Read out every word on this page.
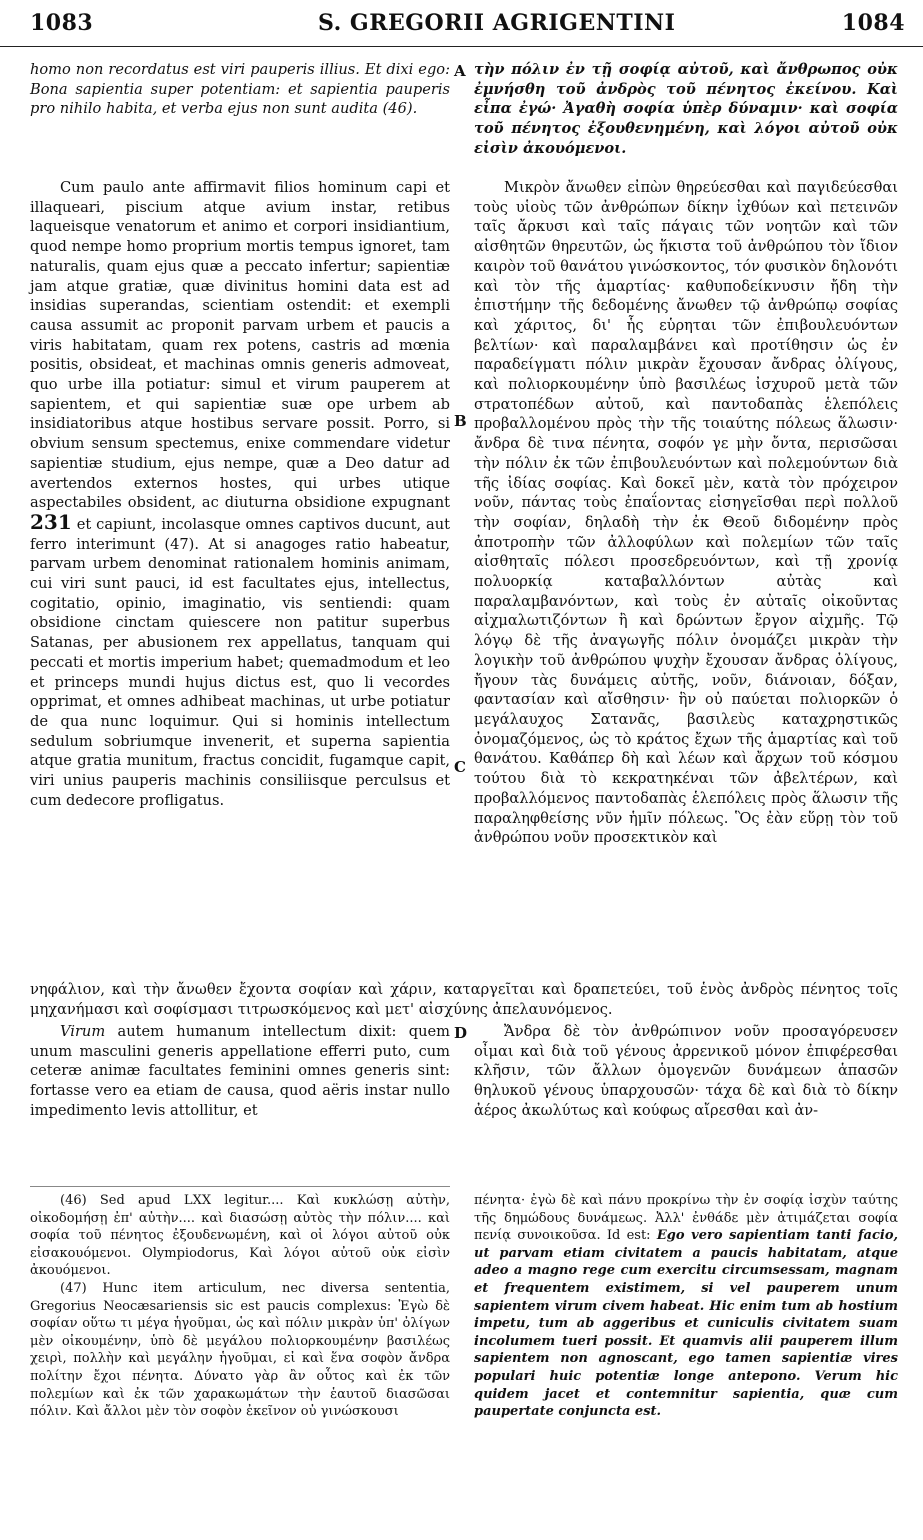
1083	S. GREGORII AGRIGENTINI	1084

homo non recordatus est viri pauperis illius. Et dixi ego: Bona sapientia super potentiam: et sapientia pauperis pro nihilo habita, et verba ejus non sunt audita (46).

A τὴν πόλιν ἐν τῇ σοφίᾳ αὐτοῦ, καὶ ἄνθρωπος οὐκ ἐμνήσθη τοῦ ἀνδρὸς τοῦ πένητος ἐκείνου. Καὶ εἶπα ἐγώ· Ἀγαθὴ σοφία ὑπὲρ δύναμιν· καὶ σοφία τοῦ πένητος ἐξουθενημένη, καὶ λόγοι αὐτοῦ οὐκ εἰσὶν ἀκουόμενοι.

Cum paulo ante affirmavit filios hominum capi et illaqueari, piscium atque avium instar, retibus laqueisque venatorum et animo et corpori insidiantium, quod nempe homo proprium mortis tempus ignoret, tam naturalis, quam ejus quæ a peccato infertur; sapientiæ jam atque gratiæ, quæ divinitus homini data est ad insidias superandas, scientiam ostendit: et exempli causa assumit ac proponit parvam urbem et paucis a viris habitatam, quam rex potens, castris ad mœnia positis, obsideat, et machinas omnis generis admoveat, quo urbe illa potiatur: simul et virum pauperem at sapientem, et qui sapientiæ suæ ope urbem ab insidiatoribus atque hostibus servare possit. Porro, si obvium sensum spectemus, enixe commendare videtur sapientiæ studium, ejus nempe, quæ a Deo datur ad avertendos externos hostes, qui urbes utique aspectabiles obsident, ac diuturna obsidione expugnant 231 et capiunt, incolasque omnes captivos ducunt, aut ferro interimunt (47). At si anagoges ratio habeatur, parvam urbem denominat rationalem hominis animam, cui viri sunt pauci, id est facultates ejus, intellectus, cogitatio, opinio, imaginatio, vis sentiendi: quam obsidione cinctam quiescere non patitur superbus Satanas, per abusionem rex appellatus, tanquam qui peccati et mortis imperium habet; quemadmodum et leo et princeps mundi hujus dictus est, quo li vecordes opprimat, et omnes adhibeat machinas, ut urbe potiatur de qua nunc loquimur. Qui si hominis intellectum sedulum sobriumque invenerit, et superna sapientia atque gratia munitum, fractus concidit, fugamque capit, viri unius pauperis machinis consiliisque perculsus et cum dedecore profligatus.
B
C

Μικρὸν ἄνωθεν εἰπὼν θηρεύεσθαι καὶ παγιδεύεσθαι τοὺς υἱοὺς τῶν ἀνθρώπων δίκην ἰχθύων καὶ πετεινῶν ταῖς ἄρκυσι καὶ ταῖς πάγαις τῶν νοητῶν καὶ τῶν αἰσθητῶν θηρευτῶν, ὡς ἥκιστα τοῦ ἀνθρώπου τὸν ἴδιον καιρὸν τοῦ θανάτου γινώσκοντος, τόν φυσικὸν δηλονότι καὶ τὸν τῆς ἁμαρτίας· καθυποδείκνυσιν ἤδη τὴν ἐπιστήμην τῆς δεδομένης ἄνωθεν τῷ ἀνθρώπῳ σοφίας καὶ χάριτος, δι' ἧς εὑρηται τῶν ἐπιβουλευόντων βελτίων· καὶ παραλαμβάνει καὶ προτίθησιν ὡς ἐν παραδείγματι πόλιν μικρὰν ἔχουσαν ἄνδρας ὀλίγους, καὶ πολιορκουμένην ὑπὸ βασιλέως ἰσχυροῦ μετὰ τῶν στρατοπέδων αὐτοῦ, καὶ παντοδαπὰς ἑλεπόλεις προβαλλομένου πρὸς τὴν τῆς τοιαύτης πόλεως ἅλωσιν· ἄνδρα δὲ τινα πένητα, σοφόν γε μὴν ὄντα, περισῶσαι τὴν πόλιν ἐκ τῶν ἐπιβουλευόντων καὶ πολεμούντων διὰ τῆς ἰδίας σοφίας. Καὶ δοκεῖ μὲν, κατὰ τὸν πρόχειρον νοῦν, πάντας τοὺς ἐπαΐοντας εἰσηγεῖσθαι περὶ πολλοῦ τὴν σοφίαν, δηλαδὴ τὴν ἐκ Θεοῦ διδομένην πρὸς ἀποτροπὴν τῶν ἀλλοφύλων καὶ πολεμίων τῶν ταῖς αἰσθηταῖς πόλεσι προσεδρευόντων, καὶ τῇ χρονίᾳ πολυορκίᾳ καταβαλλόντων αὐτὰς καὶ παραλαμβανόντων, καὶ τοὺς ἐν αὐταῖς οἰκοῦντας αἰχμαλωτιζόντων ἢ καὶ δρώντων ἔργον αἰχμῆς. Τῷ λόγῳ δὲ τῆς ἀναγωγῆς πόλιν ὀνομάζει μικρὰν τὴν λογικὴν τοῦ ἀνθρώπου ψυχὴν ἔχουσαν ἄνδρας ὀλίγους, ἤγουν τὰς δυνάμεις αὐτῆς, νοῦν, διάνοιαν, δόξαν, φαντασίαν καὶ αἴσθησιν· ἣν οὐ παύεται πολιορκῶν ὁ μεγάλαυχος Σατανᾶς, βασιλεὺς καταχρηστικῶς ὀνομαζόμενος, ὡς τὸ κράτος ἔχων τῆς ἁμαρτίας καὶ τοῦ θανάτου. Καθάπερ δὴ καὶ λέων καὶ ἄρχων τοῦ κόσμου τούτου διὰ τὸ κεκρατηκέναι τῶν ἀβελτέρων, καὶ προβαλλόμενος παντοδαπὰς ἑλεπόλεις πρὸς ἅλωσιν τῆς παραληφθείσης νῦν ἡμῖν πόλεως. Ὃς ἐὰν εὕρῃ τὸν τοῦ ἀνθρώπου νοῦν προσεκτικὸν καὶ

νηφάλιον, καὶ τὴν ἄνωθεν ἔχοντα σοφίαν καὶ χάριν, καταργεῖται καὶ δραπετεύει, τοῦ ἑνὸς ἀνδρὸς πένητος τοῖς μηχανήμασι καὶ σοφίσμασι τιτρωσκόμενος καὶ μετ' αἰσχύνης ἀπελαυνόμενος.

Virum autem humanum intellectum dixit: quem unum masculini generis appellatione efferri puto, cum ceteræ animæ facultates feminini omnes generis sint: fortasse vero ea etiam de causa, quod aëris instar nullo impedimento levis attollitur, et
D	Ἄνδρα δὲ τὸν ἀνθρώπινον νοῦν προσαγόρευσεν οἶμαι καὶ διὰ τοῦ γένους ἀρρενικοῦ μόνον ἐπιφέρεσθαι κλῆσιν, τῶν ἄλλων ὁμογενῶν δυνάμεων ἁπασῶν θηλυκοῦ γένους ὑπαρχουσῶν· τάχα δὲ καὶ διὰ τὸ δίκην ἀέρος ἀκωλύτως καὶ κούφως αἴρεσθαι καὶ ἀν-

(46) Sed apud LXX legitur.... Καὶ κυκλώσῃ αὐτὴν, οἰκοδομήσῃ ἐπ' αὐτὴν.... καὶ διασώσῃ αὐτὸς τὴν πόλιν.... καὶ σοφία τοῦ πένητος ἐξουδενωμένη, καὶ οἱ λόγοι αὐτοῦ οὐκ εἰσακουόμενοι. Olympiodorus, Καὶ λόγοι αὐτοῦ οὐκ εἰσὶν ἀκουόμενοι.

(47) Hunc item articulum, nec diversa sententia, Gregorius Neocæsariensis sic est paucis complexus: Ἐγὼ δὲ σοφίαν οὕτω τι μέγα ἡγοῦμαι, ὡς καὶ πόλιν μικρὰν ὑπ' ὀλίγων μὲν οἰκουμένην, ὑπὸ δὲ μεγάλου πολιορκουμένην βασιλέως χειρὶ, πολλὴν καὶ μεγάλην ἡγοῦμαι, εἰ καὶ ἕνα σοφὸν ἄνδρα πολίτην ἔχοι πένητα. Δύνατο γὰρ ἂν οὗτος καὶ ἐκ τῶν πολεμίων καὶ ἐκ τῶν χαρακωμάτων τὴν ἑαυτοῦ διασῶσαι πόλιν. Καὶ ἄλλοι μὲν τὸν σοφὸν ἐκεῖνον οὐ γινώσκουσι

πένητα· ἐγὼ δὲ καὶ πάνυ προκρίνω τὴν ἐν σοφίᾳ ἰσχὺν ταύτης τῆς δημώδους δυνάμεως. Ἀλλ' ἐνθάδε μὲν ἀτιμάζεται σοφία πενίᾳ συνοικοῦσα. Id est: Ego vero sapientiam tanti facio, ut parvam etiam civitatem a paucis habitatam, atque adeo a magno rege cum exercitu circumsessam, magnam et frequentem existimem, si vel pauperem unum sapientem virum civem habeat. Hic enim tum ab hostium impetu, tum ab aggeribus et cuniculis civitatem suam incolumem tueri possit. Et quamvis alii pauperem illum sapientem non agnoscant, ego tamen sapientiæ vires populari huic potentiæ longe antepono. Verum hic quidem jacet et contemnitur sapientia, quæ cum paupertate conjuncta est.
